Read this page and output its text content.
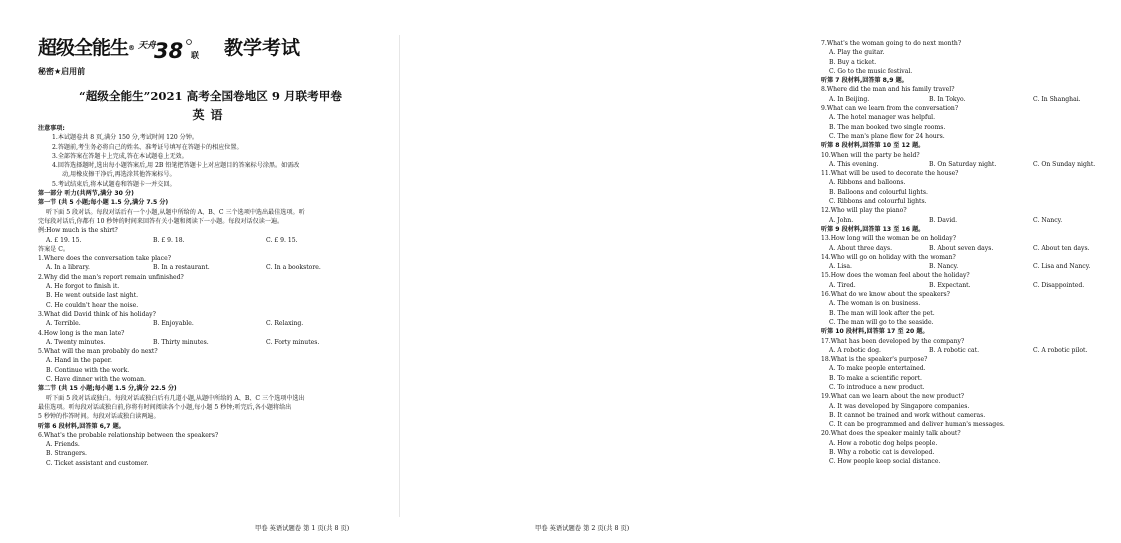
超级全能生® 天舟
38 联 教学考试
秘密★启用前
“超级全能生”2021 高考全国卷地区 9 月联考甲卷
英语
注意事项:
1.本试题卷共 8 页,满分 150 分,考试时间 120 分钟。
2.答题前,考生务必将自己的姓名、准考证号填写在答题卡的相应位置。
3.全部答案在答题卡上完成,答在本试题卷上无效。
4.回答选择题时,选出每小题答案后,用 2B 铅笔把答题卡上对应题目的答案标号涂黑。如需改
动,用橡皮擦干净后,再选涂其他答案标号。
5.考试结束后,将本试题卷和答题卡一并交回。
第一部分 听力(共两节,满分 30 分)
第一节 (共 5 小题;每小题 1.5 分,满分 7.5 分)
听下面 5 段对话。每段对话后有一个小题,从题中所给的 A、B、C 三个选项中选出最佳选项。听
完每段对话后,你都有 10 秒钟的时间来回答有关小题和阅读下一小题。每段对话仅读一遍。
例:How much is the shirt?
A. £ 19. 15.	B. £ 9. 18.	C. £ 9. 15.
答案是 C。
1.Where does the conversation take place?
A. In a library.	B. In a restaurant.	C. In a bookstore.
2.Why did the man's report remain unfinished?
A. He forgot to finish it.
B. He went outside last night.
C. He couldn't hear the noise.
3.What did David think of his holiday?
A. Terrible.	B. Enjoyable.	C. Relaxing.
4.How long is the man late?
A. Twenty minutes.	B. Thirty minutes.	C. Forty minutes.
5.What will the man probably do next?
A. Hand in the paper.
B. Continue with the work.
C. Have dinner with the woman.
第二节 (共 15 小题;每小题 1.5 分,满分 22.5 分)
听下面 5 段对话或独白。每段对话或独白后有几道小题,从题中所给的 A、B、C 三个选项中选出
最佳选项。听每段对话或独白前,你将有时间阅读各个小题,每小题 5 秒钟;听完后,各小题将给出
5 秒钟的作答时间。每段对话或独白读两遍。
听第 6 段材料,回答第 6,7 题。
6.What's the probable relationship between the speakers?
A. Friends.
B. Strangers.
C. Ticket assistant and customer.
甲卷 英语试题卷 第 1 页(共 8 页)
7.What's the woman going to do next month?
A. Play the guitar.
B. Buy a ticket.
C. Go to the music festival.
听第 7 段材料,回答第 8,9 题。
8.Where did the man and his family travel?
A. In Beijing.	B. In Tokyo.	C. In Shanghai.
9.What can we learn from the conversation?
A. The hotel manager was helpful.
B. The man booked two single rooms.
C. The man's plane flew for 24 hours.
听第 8 段材料,回答第 10 至 12 题。
10.When will the party be held?
A. This evening.	B. On Saturday night.	C. On Sunday night.
11.What will be used to decorate the house?
A. Ribbons and balloons.
B. Balloons and colourful lights.
C. Ribbons and colourful lights.
12.Who will play the piano?
A. John.	B. David.	C. Nancy.
听第 9 段材料,回答第 13 至 16 题。
13.How long will the woman be on holiday?
A. About three days.	B. About seven days.	C. About ten days.
14.Who will go on holiday with the woman?
A. Lisa.	B. Nancy.	C. Lisa and Nancy.
15.How does the woman feel about the holiday?
A. Tired.	B. Expectant.	C. Disappointed.
16.What do we know about the speakers?
A. The woman is on business.
B. The man will look after the pet.
C. The man will go to the seaside.
听第 10 段材料,回答第 17 至 20 题。
17.What has been developed by the company?
A. A robotic dog.	B. A robotic cat.	C. A robotic pilot.
18.What is the speaker's purpose?
A. To make people entertained.
B. To make a scientific report.
C. To introduce a new product.
19.What can we learn about the new product?
A. It was developed by Singapore companies.
B. It cannot be trained and work without cameras.
C. It can be programmed and deliver human's messages.
20.What does the speaker mainly talk about?
A. How a robotic dog helps people.
B. Why a robotic cat is developed.
C. How people keep social distance.
甲卷 英语试题卷 第 2 页(共 8 页)
